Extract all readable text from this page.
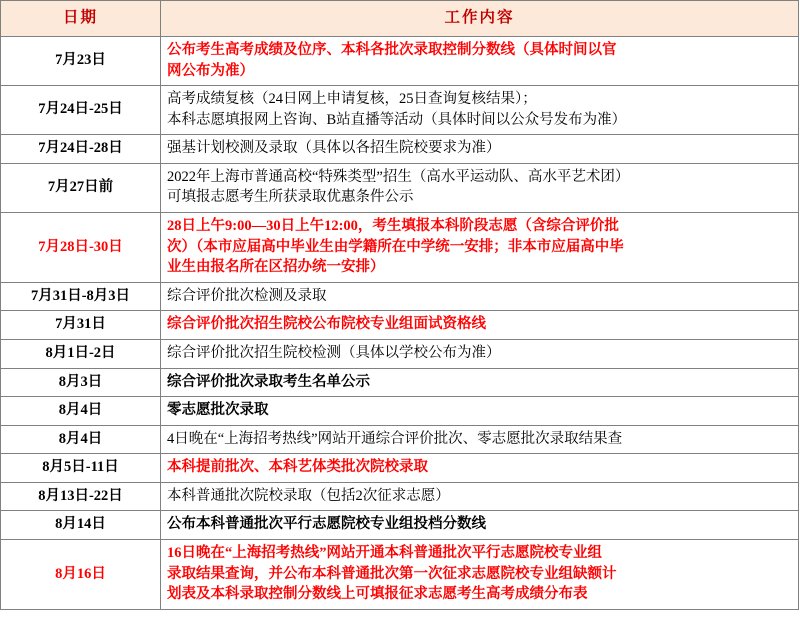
日期	工作内容
7月23日	公布考生高考成绩及位序、本科各批次录取控制分数线（具体时间以官
网公布为准）

7月24日-25日	高考成绩复核（24日网上申请复核，25日查询复核结果）；
本科志愿填报网上咨询、B站直播等活动（具体时间以公众号发布为准）

7月24日-28日	强基计划校测及录取（具体以各招生院校要求为准）

7月27日前	2022年上海市普通高校“特殊类型”招生（高水平运动队、高水平艺术团）
可填报志愿考生所获录取优惠条件公示

7月28日-30日	28日上午9:00—30日上午12:00，考生填报本科阶段志愿（含综合评价批
次）（本市应届高中毕业生由学籍所在中学统一安排；非本市应届高中毕
业生由报名所在区招办统一安排）

7月31日-8月3日	综合评价批次检测及录取

7月31日	综合评价批次招生院校公布院校专业组面试资格线

8月1日-2日	综合评价批次招生院校检测（具体以学校公布为准）

8月3日	综合评价批次录取考生名单公示

8月4日	零志愿批次录取

8月4日	4日晚在“上海招考热线”网站开通综合评价批次、零志愿批次录取结果查

8月5日-11日	本科提前批次、本科艺体类批次院校录取

8月13日-22日	本科普通批次院校录取（包括2次征求志愿）

8月14日	公布本科普通批次平行志愿院校专业组投档分数线

8月16日	16日晚在“上海招考热线”网站开通本科普通批次平行志愿院校专业组
录取结果查询，并公布本科普通批次第一次征求志愿院校专业组缺额计
划表及本科录取控制分数线上可填报征求志愿考生高考成绩分布表
